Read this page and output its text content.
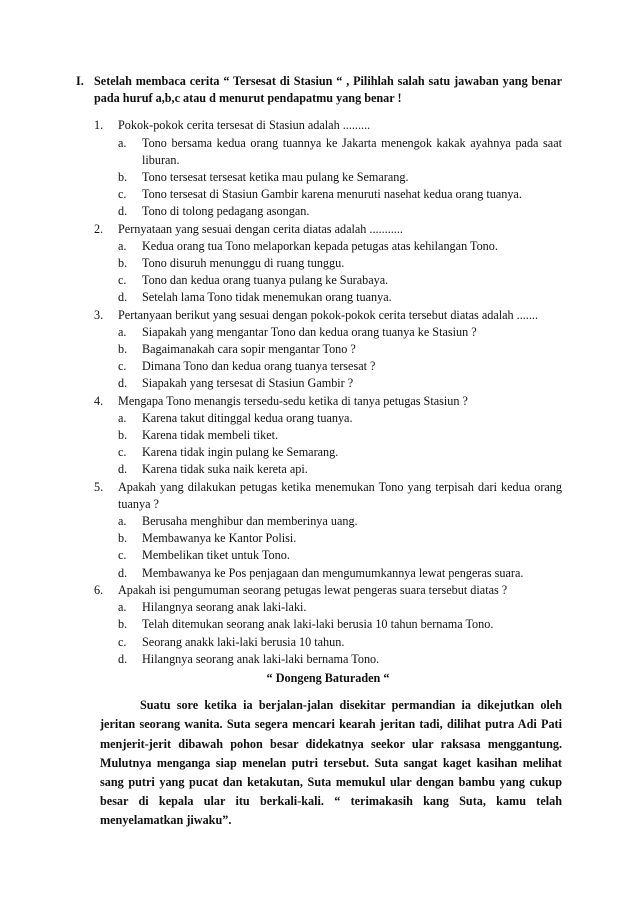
I. Setelah membaca cerita “ Tersesat di Stasiun “ , Pilihlah salah satu jawaban yang benar pada huruf a,b,c atau d menurut pendapatmu yang benar !
1.	Pokok-pokok cerita tersesat di Stasiun adalah .........
a.	Tono bersama kedua orang tuannya ke Jakarta menengok kakak ayahnya pada saat liburan.
b.	Tono tersesat tersesat ketika mau pulang ke Semarang.
c.	Tono tersesat di Stasiun Gambir karena menuruti nasehat kedua orang tuanya.
d.	Tono di tolong pedagang asongan.
2.	Pernyataan yang sesuai dengan cerita diatas adalah ...........
a.	Kedua orang tua Tono melaporkan kepada petugas atas kehilangan Tono.
b.	Tono disuruh menunggu di ruang tunggu.
c.	Tono dan kedua orang tuanya pulang ke Surabaya.
d.	Setelah lama Tono tidak menemukan orang tuanya.
3.	Pertanyaan berikut yang sesuai dengan pokok-pokok cerita tersebut diatas adalah .......
a.	Siapakah yang mengantar Tono dan kedua orang tuanya ke Stasiun ?
b.	Bagaimanakah cara sopir mengantar Tono ?
c.	Dimana Tono dan kedua orang tuanya tersesat ?
d.	Siapakah yang tersesat di Stasiun Gambir ?
4.	Mengapa Tono menangis tersedu-sedu ketika di tanya petugas Stasiun ?
a.	Karena takut ditinggal kedua orang tuanya.
b.	Karena tidak membeli tiket.
c.	Karena tidak ingin pulang ke Semarang.
d.	Karena tidak suka naik kereta api.
5.	Apakah yang dilakukan petugas ketika menemukan Tono yang terpisah dari kedua orang tuanya ?
a.	Berusaha menghibur dan memberinya uang.
b.	Membawanya ke Kantor Polisi.
c.	Membelikan tiket untuk Tono.
d.	Membawanya ke Pos penjagaan dan mengumumkannya lewat pengeras suara.
6.	Apakah isi pengumuman seorang petugas lewat pengeras suara tersebut diatas ?
a.	Hilangnya seorang anak laki-laki.
b.	Telah ditemukan seorang anak laki-laki berusia 10 tahun bernama Tono.
c.	Seorang anakk laki-laki berusia 10 tahun.
d.	Hilangnya seorang anak laki-laki bernama Tono.
“ Dongeng Baturaden “
Suatu sore ketika ia berjalan-jalan disekitar permandian ia dikejutkan oleh jeritan seorang wanita. Suta segera mencari kearah jeritan tadi, dilihat putra Adi Pati menjerit-jerit dibawah pohon besar didekatnya seekor ular raksasa menggantung. Mulutnya menganga siap menelan putri tersebut. Suta sangat kaget kasihan melihat sang putri yang pucat dan ketakutan, Suta memukul ular dengan bambu yang cukup besar di kepala ular itu berkali-kali. “ terimakasih kang Suta, kamu telah menyelamatkan jiwaku”.
